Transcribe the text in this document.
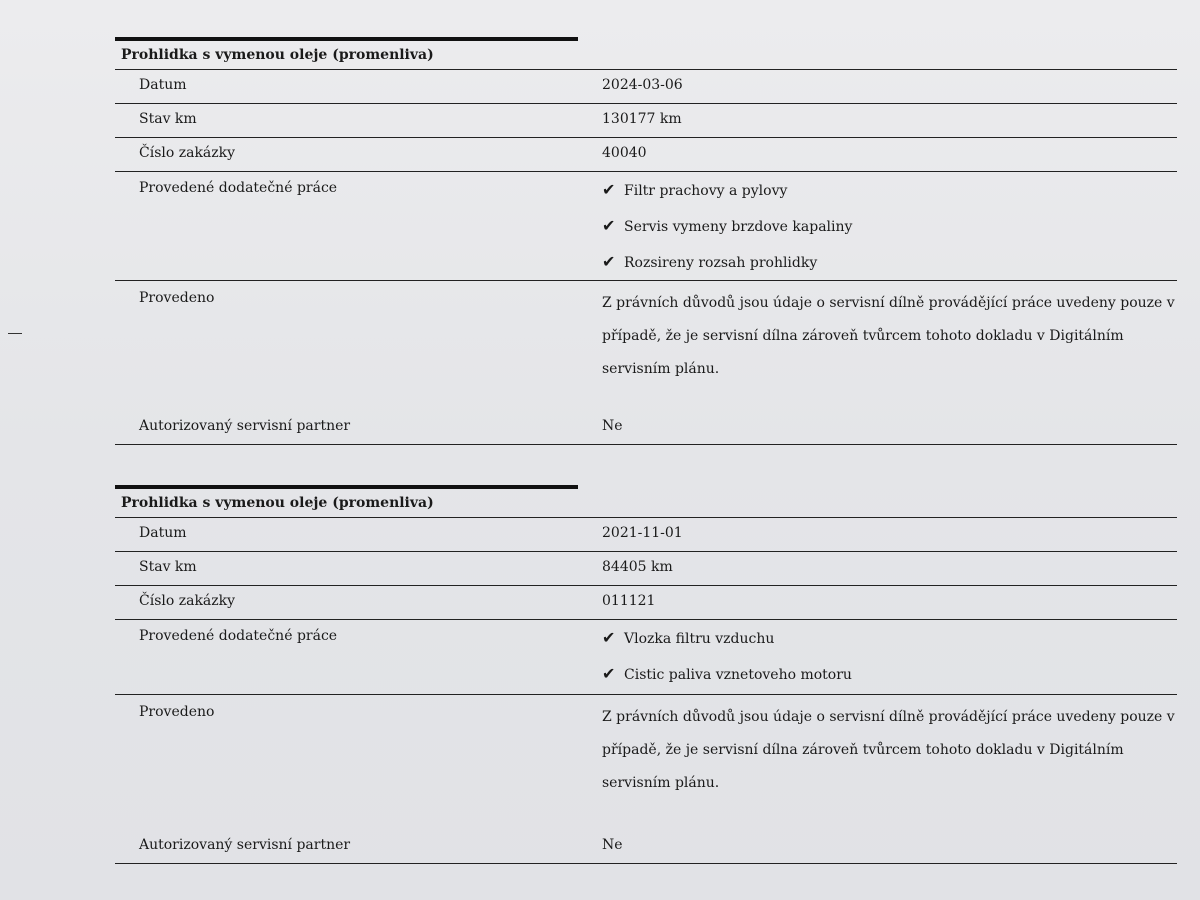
Prohlidka s vymenou oleje (promenliva)
Datum	2024-03-06
Stav km	130177 km
Číslo zakázky	40040
Provedené dodatečné práce	✔ Filtr prachovy a pylovy
✔ Servis vymeny brzdove kapaliny
✔ Rozsireny rozsah prohlidky
Provedeno	Z právních důvodů jsou údaje o servisní dílně provádějící práce uvedeny pouze v případě, že je servisní dílna zároveň tvůrcem tohoto dokladu v Digitálním servisním plánu.
Autorizovaný servisní partner	Ne
Prohlidka s vymenou oleje (promenliva)
Datum	2021-11-01
Stav km	84405 km
Číslo zakázky	011121
Provedené dodatečné práce	✔ Vlozka filtru vzduchu
✔ Cistic paliva vznetoveho motoru
Provedeno	Z právních důvodů jsou údaje o servisní dílně provádějící práce uvedeny pouze v případě, že je servisní dílna zároveň tvůrcem tohoto dokladu v Digitálním servisním plánu.
Autorizovaný servisní partner	Ne
